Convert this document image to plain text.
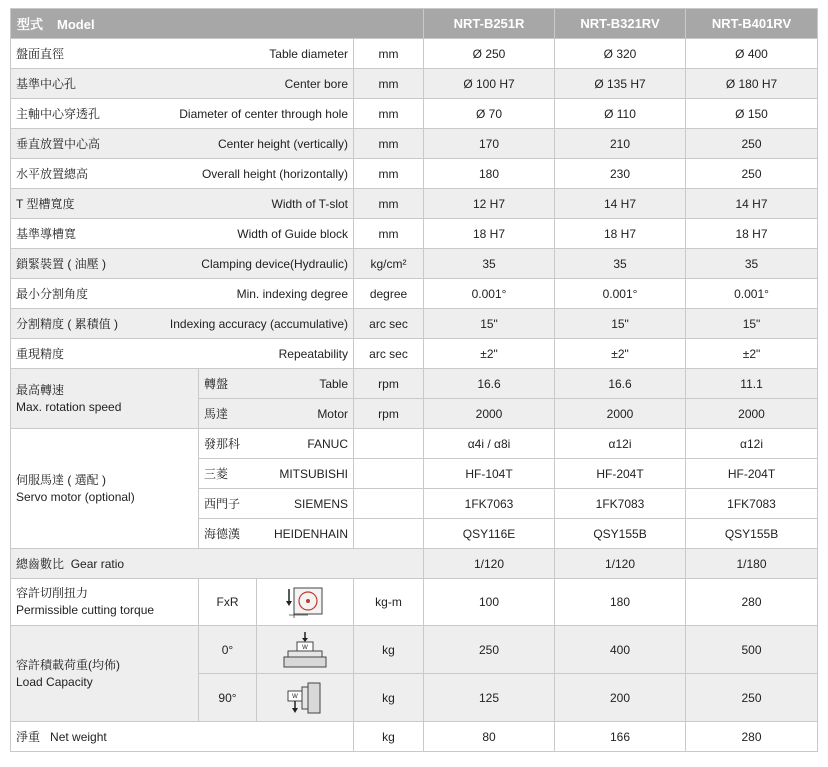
型式 Model				NRT-B251R	NRT-B321RV	NRT-B401RV

盤面直徑 Table diameter			mm	Ø 250	Ø 320	Ø 400

基準中心孔 Center bore			mm	Ø 100 H7	Ø 135 H7	Ø 180 H7

主軸中心穿透孔 Diameter of center through hole			mm	Ø 70	Ø 110	Ø 150

垂直放置中心高 Center height (vertically)			mm	170	210	250

水平放置總高 Overall height (horizontally)			mm	180	230	250

T 型槽寬度 Width of T-slot			mm	12 H7	14 H7	14 H7

基準導槽寬 Width of Guide block			mm	18 H7	18 H7	18 H7

鎖緊裝置 ( 油壓 ) Clamping device(Hydraulic)			kg/cm²	35	35	35

最小分割角度 Min. indexing degree			degree	0.001°	0.001°	0.001°

分割精度 ( 累積值 ) Indexing accuracy (accumulative)			arc sec	15"	15"	15"

重現精度 Repeatability			arc sec	±2"	±2"	±2"
最高轉速
Max. rotation speed	轉盤 Table		rpm	16.6	16.6	11.1

	馬達 Motor		rpm	2000	2000	2000
伺服馬達 ( 選配 )
Servo motor (optional)	發那科 FANUC			α4i / α8i	α12i	α12i

	三菱 MITSUBISHI			HF-104T	HF-204T	HF-204T

	西門子 SIEMENS			1FK7063	1FK7083	1FK7083

	海德漢 HEIDENHAIN			QSY116E	QSY155B	QSY155B
總齒數比 Gear ratio				1/120	1/120	1/180
容許切削扭力
Permissible cutting torque	FxR		kg-m	100	180	280
容許積載荷重(均佈)
Load Capacity	0°	W	kg	250	400	500
	90°	W	kg	125	200	250
淨重 Net weight			kg	80	166	280
